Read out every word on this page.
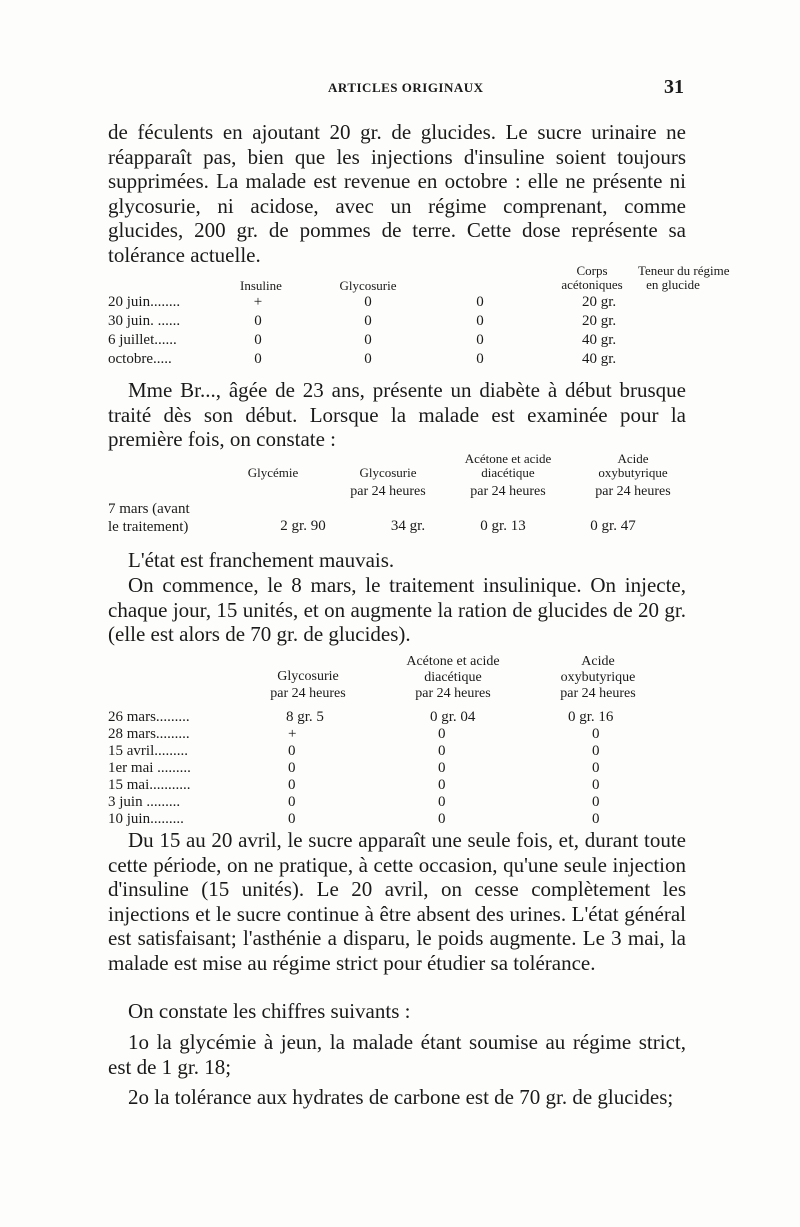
ARTICLES ORIGINAUX	31

de féculents en ajoutant 20 gr. de glucides. Le sucre urinaire ne réapparaît pas, bien que les injections d'insuline soient toujours supprimées. La malade est revenue en octobre : elle ne présente ni glycosurie, ni acidose, avec un régime comprenant, comme glucides, 200 gr. de pommes de terre. Cette dose représente sa tolérance actuelle.

Corps
acétoniques
Teneur du régime
en glucide
Insuline	Glycosurie
20 juin........	+	0	0	20 gr.
30 juin. ......	0	0	0	20 gr.
6 juillet......	0	0	0	40 gr.
octobre.....	0	0	0	40 gr.

Mme Br..., âgée de 23 ans, présente un diabète à début brusque traité dès son début. Lorsque la malade est examinée pour la première fois, on constate :

Glycémie	Glycosurie
Acétone et acide
diacétique
Acide
oxybutyrique
par 24 heures	par 24 heures	par 24 heures
7 mars (avant
le traitement)	2 gr. 90	34 gr.	0 gr. 13	0 gr. 47

L'état est franchement mauvais.

On commence, le 8 mars, le traitement insulinique. On injecte, chaque jour, 15 unités, et on augmente la ration de glucides de 20 gr. (elle est alors de 70 gr. de glucides).

Glycosurie
par 24 heures
Acétone et acide
diacétique
par 24 heures
Acide
oxybutyrique
par 24 heures
26 mars.........	8 gr. 5	0 gr. 04	0 gr. 16
28 mars.........	+	0	0
15 avril.........	0	0	0
1er mai .........	0	0	0
15 mai...........	0	0	0
3 juin .........	0	0	0
10 juin.........	0	0	0

Du 15 au 20 avril, le sucre apparaît une seule fois, et, durant toute cette période, on ne pratique, à cette occasion, qu'une seule injection d'insuline (15 unités). Le 20 avril, on cesse complètement les injections et le sucre continue à être absent des urines. L'état général est satisfaisant; l'asthénie a disparu, le poids augmente. Le 3 mai, la malade est mise au régime strict pour étudier sa tolérance.

On constate les chiffres suivants :

1o la glycémie à jeun, la malade étant soumise au régime strict, est de 1 gr. 18;

2o la tolérance aux hydrates de carbone est de 70 gr. de glucides;
